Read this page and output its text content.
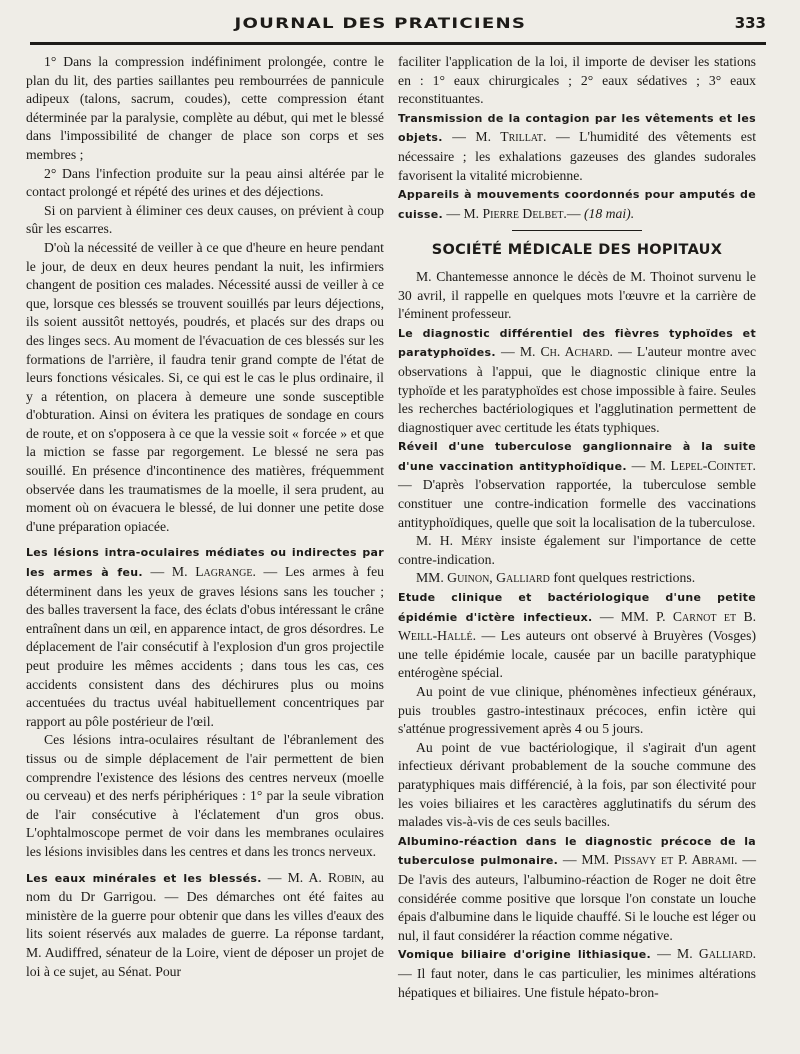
JOURNAL DES PRATICIENS	333

1° Dans la compression indéfiniment prolongée, contre le plan du lit, des parties saillantes peu rembourrées de pannicule adipeux (talons, sacrum, coudes), cette compression étant déterminée par la paralysie, complète au début, qui met le blessé dans l'impossibilité de changer de place son corps et ses membres ;

2° Dans l'infection produite sur la peau ainsi altérée par le contact prolongé et répété des urines et des déjections.

Si on parvient à éliminer ces deux causes, on prévient à coup sûr les escarres.

D'où la nécessité de veiller à ce que d'heure en heure pendant le jour, de deux en deux heures pendant la nuit, les infirmiers changent de position ces malades. Nécessité aussi de veiller à ce que, lorsque ces blessés se trouvent souillés par leurs déjections, ils soient aussitôt nettoyés, poudrés, et placés sur des draps ou des linges secs. Au moment de l'évacuation de ces blessés sur les formations de l'arrière, il faudra tenir grand compte de l'état de leurs fonctions vésicales. Si, ce qui est le cas le plus ordinaire, il y a rétention, on placera à demeure une sonde susceptible d'obturation. Ainsi on évitera les pratiques de sondage en cours de route, et on s'opposera à ce que la vessie soit « forcée » et que la miction se fasse par regorgement. Le blessé ne sera pas souillé. En présence d'incontinence des matières, fréquemment observée dans les traumatismes de la moelle, il sera prudent, au moment où on évacuera le blessé, de lui donner une petite dose d'une préparation opiacée.

Les lésions intra-oculaires médiates ou indirectes par les armes à feu. — M. Lagrange. — Les armes à feu déterminent dans les yeux de graves lésions sans les toucher ; des balles traversent la face, des éclats d'obus intéressant le crâne entraînent dans un œil, en apparence intact, de gros désordres. Le déplacement de l'air consécutif à l'explosion d'un gros projectile peut produire les mêmes accidents ; dans tous les cas, ces accidents consistent dans des déchirures plus ou moins accentuées du tractus uvéal habituellement concentriques par rapport au pôle postérieur de l'œil.

Ces lésions intra-oculaires résultant de l'ébranlement des tissus ou de simple déplacement de l'air permettent de bien comprendre l'existence des lésions des centres nerveux (moelle ou cerveau) et des nerfs périphériques : 1° par la seule vibration de l'air consécutive à l'éclatement d'un gros obus. L'ophtalmoscope permet de voir dans les membranes oculaires les lésions invisibles dans les centres et dans les troncs nerveux.

Les eaux minérales et les blessés. — M. A. Robin, au nom du Dr Garrigou. — Des démarches ont été faites au ministère de la guerre pour obtenir que dans les villes d'eaux des lits soient réservés aux malades de guerre. La réponse tardant, M. Audiffred, sénateur de la Loire, vient de déposer un projet de loi à ce sujet, au Sénat. Pour

faciliter l'application de la loi, il importe de deviser les stations en : 1° eaux chirurgicales ; 2° eaux sédatives ; 3° eaux reconstituantes.

Transmission de la contagion par les vêtements et les objets. — M. Trillat. — L'humidité des vêtements est nécessaire ; les exhalations gazeuses des glandes sudorales favorisent la vitalité microbienne.

Appareils à mouvements coordonnés pour amputés de cuisse. — M. Pierre Delbet.— (18 mai).

SOCIÉTÉ MÉDICALE DES HOPITAUX

M. Chantemesse annonce le décès de M. Thoinot survenu le 30 avril, il rappelle en quelques mots l'œuvre et la carrière de l'éminent professeur.

Le diagnostic différentiel des fièvres typhoïdes et paratyphoïdes. — M. Ch. Achard. — L'auteur montre avec observations à l'appui, que le diagnostic clinique entre la typhoïde et les paratyphoïdes est chose impossible à faire. Seules les recherches bactériologiques et l'agglutination permettent de diagnostiquer avec certitude les états typhiques.

Réveil d'une tuberculose ganglionnaire à la suite d'une vaccination antityphoïdique. — M. Lepel-Cointet. — D'après l'observation rapportée, la tuberculose semble constituer une contre-indication formelle des vaccinations antityphoïdiques, quelle que soit la localisation de la tuberculose.

M. H. Méry insiste également sur l'importance de cette contre-indication.

MM. Guinon, Galliard font quelques restrictions.

Etude clinique et bactériologique d'une petite épidémie d'ictère infectieux. — MM. P. Carnot et B. Weill-Hallé. — Les auteurs ont observé à Bruyères (Vosges) une telle épidémie locale, causée par un bacille paratyphique entérogène spécial.

Au point de vue clinique, phénomènes infectieux généraux, puis troubles gastro-intestinaux précoces, enfin ictère qui s'atténue progressivement après 4 ou 5 jours.

Au point de vue bactériologique, il s'agirait d'un agent infectieux dérivant probablement de la souche commune des paratyphiques mais différencié, à la fois, par son électivité pour les voies biliaires et les caractères agglutinatifs du sérum des malades vis-à-vis de ces seuls bacilles.

Albumino-réaction dans le diagnostic précoce de la tuberculose pulmonaire. — MM. Pissavy et P. Abrami. — De l'avis des auteurs, l'albumino-réaction de Roger ne doit être considérée comme positive que lorsque l'on constate un louche épais d'albumine dans le liquide chauffé. Si le louche est léger ou nul, il faut considérer la réaction comme négative.

Vomique biliaire d'origine lithiasique. — M. Galliard. — Il faut noter, dans le cas particulier, les minimes altérations hépatiques et biliaires. Une fistule hépato-bron-
